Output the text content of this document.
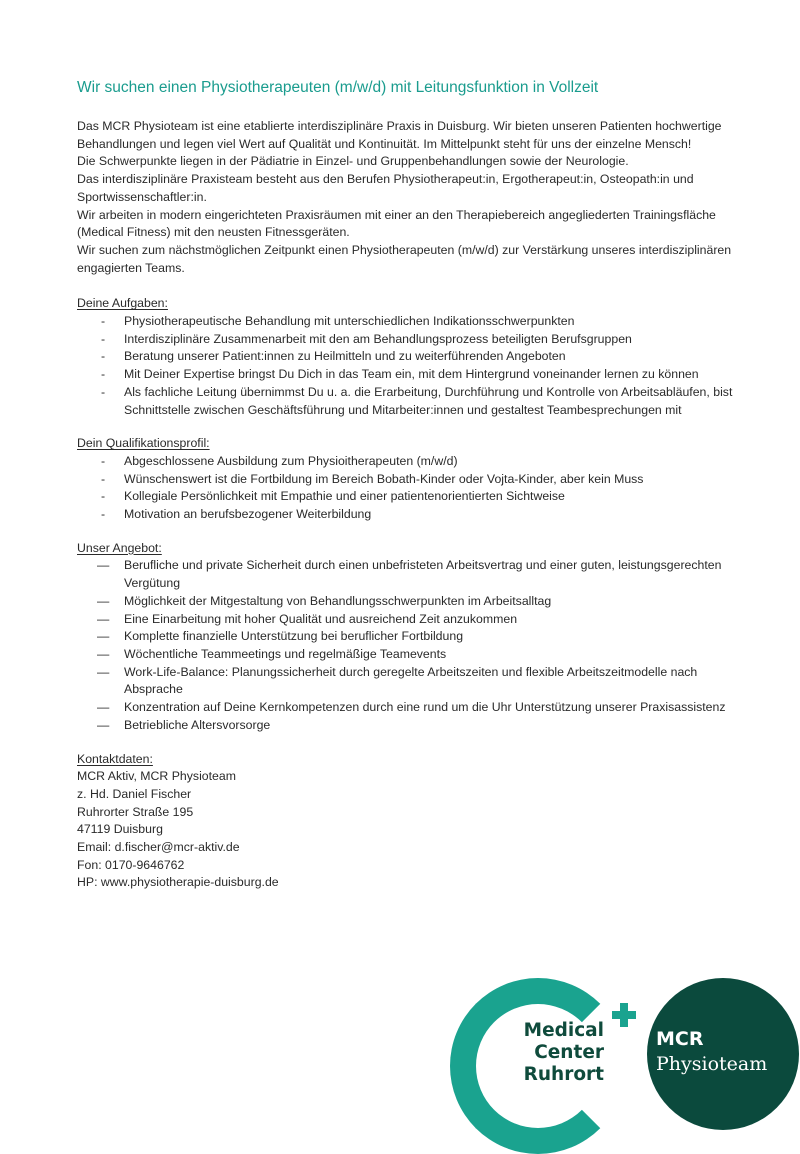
Wir suchen einen Physiotherapeuten (m/w/d) mit Leitungsfunktion in Vollzeit

Das MCR Physioteam ist eine etablierte interdisziplinäre Praxis in Duisburg. Wir bieten unseren Patienten hochwertige Behandlungen und legen viel Wert auf Qualität und Kontinuität. Im Mittelpunkt steht für uns der einzelne Mensch!

Die Schwerpunkte liegen in der Pädiatrie in Einzel- und Gruppenbehandlungen sowie der Neurologie.

Das interdisziplinäre Praxisteam besteht aus den Berufen Physiotherapeut:in, Ergotherapeut:in, Osteopath:in und Sportwissenschaftler:in.

Wir arbeiten in modern eingerichteten Praxisräumen mit einer an den Therapiebereich angegliederten Trainingsfläche (Medical Fitness) mit den neusten Fitnessgeräten.

Wir suchen zum nächstmöglichen Zeitpunkt einen Physiotherapeuten (m/w/d) zur Verstärkung unseres interdisziplinären engagierten Teams.

Deine Aufgaben:
- Physiotherapeutische Behandlung mit unterschiedlichen Indikationsschwerpunkten
- Interdisziplinäre Zusammenarbeit mit den am Behandlungsprozess beteiligten Berufsgruppen
- Beratung unserer Patient:innen zu Heilmitteln und zu weiterführenden Angeboten
- Mit Deiner Expertise bringst Du Dich in das Team ein, mit dem Hintergrund voneinander lernen zu können
- Als fachliche Leitung übernimmst Du u. a. die Erarbeitung, Durchführung und Kontrolle von Arbeitsabläufen, bist Schnittstelle zwischen Geschäftsführung und Mitarbeiter:innen und gestaltest Teambesprechungen mit
Dein Qualifikationsprofil:
- Abgeschlossene Ausbildung zum Physioitherapeuten (m/w/d)
- Wünschenswert ist die Fortbildung im Bereich Bobath-Kinder oder Vojta-Kinder, aber kein Muss
- Kollegiale Persönlichkeit mit Empathie und einer patientenorientierten Sichtweise
- Motivation an berufsbezogener Weiterbildung
Unser Angebot:
— Berufliche und private Sicherheit durch einen unbefristeten Arbeitsvertrag und einer guten, leistungsgerechten Vergütung
— Möglichkeit der Mitgestaltung von Behandlungsschwerpunkten im Arbeitsalltag
— Eine Einarbeitung mit hoher Qualität und ausreichend Zeit anzukommen
— Komplette finanzielle Unterstützung bei beruflicher Fortbildung
— Wöchentliche Teammeetings und regelmäßige Teamevents
— Work-Life-Balance: Planungssicherheit durch geregelte Arbeitszeiten und flexible Arbeitszeitmodelle nach Absprache
— Konzentration auf Deine Kernkompetenzen durch eine rund um die Uhr Unterstützung unserer Praxisassistenz
— Betriebliche Altersvorsorge
Kontaktdaten:

MCR Aktiv, MCR Physioteam

z. Hd. Daniel Fischer

Ruhrorter Straße 195

47119 Duisburg

Email: d.fischer@mcr-aktiv.de

Fon: 0170-9646762

HP: www.physiotherapie-duisburg.de

Medical
Center
Ruhrort
MCR
Physioteam
